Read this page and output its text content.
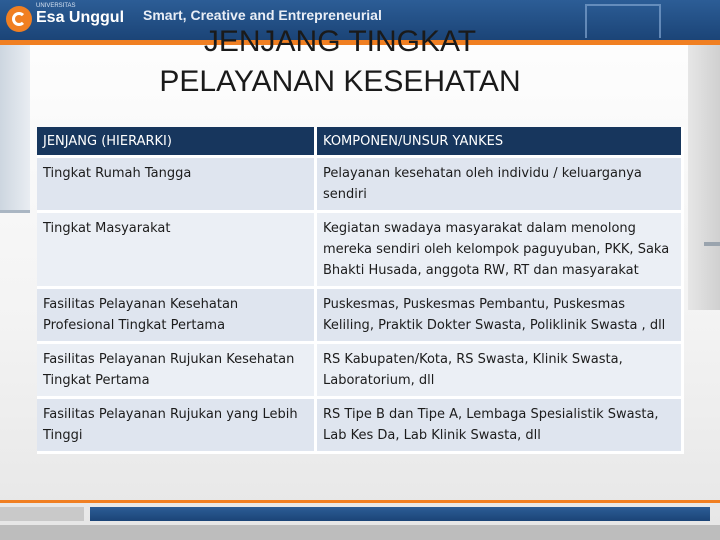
UNIVERSITAS
Esa Unggul Smart, Creative and Entrepreneurial
JENJANG TINGKAT
PELAYANAN KESEHATAN
JENJANG (HIERARKI)	KOMPONEN/UNSUR YANKES
Tingkat Rumah Tangga	Pelayanan kesehatan oleh individu / keluarganya sendiri
Tingkat Masyarakat	Kegiatan swadaya masyarakat dalam menolong mereka sendiri oleh kelompok paguyuban, PKK, Saka Bhakti Husada, anggota RW, RT dan masyarakat
Fasilitas Pelayanan Kesehatan Profesional Tingkat Pertama	Puskesmas, Puskesmas Pembantu, Puskesmas Keliling, Praktik Dokter Swasta, Poliklinik Swasta , dll
Fasilitas Pelayanan Rujukan Kesehatan Tingkat Pertama	RS Kabupaten/Kota, RS Swasta, Klinik Swasta, Laboratorium, dll
Fasilitas Pelayanan Rujukan yang Lebih Tinggi	RS Tipe B dan Tipe A, Lembaga Spesialistik Swasta, Lab Kes Da, Lab Klinik Swasta, dll
